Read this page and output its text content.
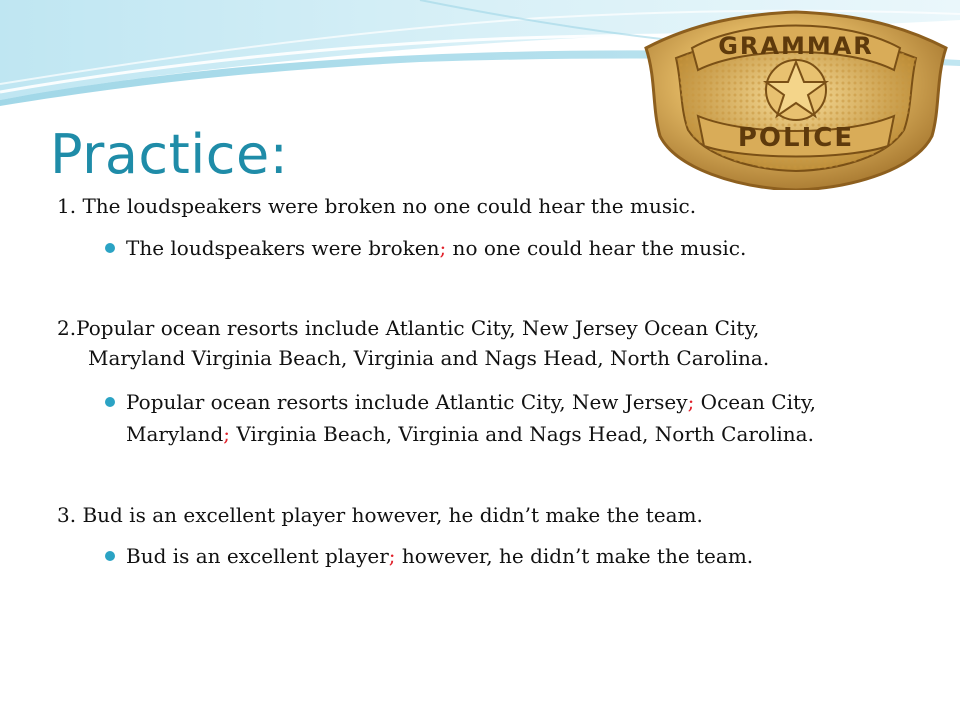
Practice:
GRAMMAR
POLICE

1. The loudspeakers were broken no one could hear the music.

The loudspeakers were broken; no one could hear the music.

2.Popular ocean resorts include Atlantic City, New Jersey Ocean City,
Maryland Virginia Beach, Virginia and Nags Head, North Carolina.

Popular ocean resorts include Atlantic City, New Jersey; Ocean City,
Maryland; Virginia Beach, Virginia and Nags Head, North Carolina.

3. Bud is an excellent player however, he didn’t make the team.

Bud is an excellent player; however, he didn’t make the team.
